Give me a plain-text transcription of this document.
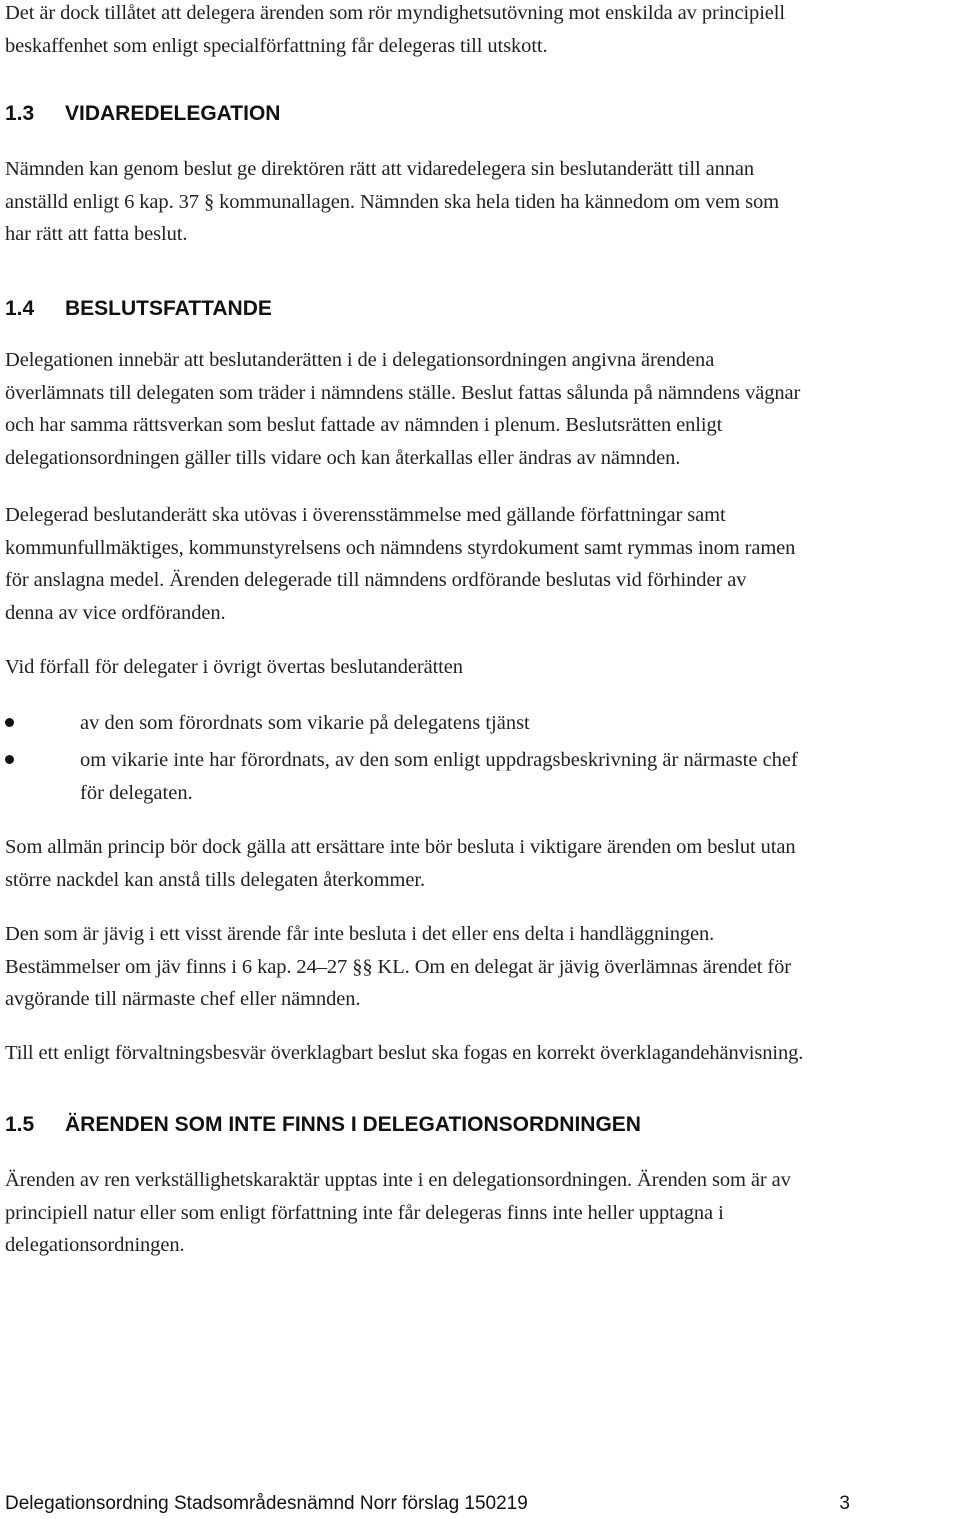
Det är dock tillåtet att delegera ärenden som rör myndighetsutövning mot enskilda av principiell
beskaffenhet som enligt specialförfattning får delegeras till utskott.
1.3 VIDAREDELEGATION
Nämnden kan genom beslut ge direktören rätt att vidaredelegera sin beslutanderätt till annan
anställd enligt 6 kap. 37 § kommunallagen. Nämnden ska hela tiden ha kännedom om vem som
har rätt att fatta beslut.
1.4 BESLUTSFATTANDE
Delegationen innebär att beslutanderätten i de i delegationsordningen angivna ärendena
överlämnats till delegaten som träder i nämndens ställe. Beslut fattas sålunda på nämndens vägnar
och har samma rättsverkan som beslut fattade av nämnden i plenum. Beslutsrätten enligt
delegationsordningen gäller tills vidare och kan återkallas eller ändras av nämnden.
Delegerad beslutanderätt ska utövas i överensstämmelse med gällande författningar samt
kommunfullmäktiges, kommunstyrelsens och nämndens styrdokument samt rymmas inom ramen
för anslagna medel. Ärenden delegerade till nämndens ordförande beslutas vid förhinder av
denna av vice ordföranden.
Vid förfall för delegater i övrigt övertas beslutanderätten
av den som förordnats som vikarie på delegatens tjänst
om vikarie inte har förordnats, av den som enligt uppdragsbeskrivning är närmaste chef
för delegaten.
Som allmän princip bör dock gälla att ersättare inte bör besluta i viktigare ärenden om beslut utan
större nackdel kan anstå tills delegaten återkommer.
Den som är jävig i ett visst ärende får inte besluta i det eller ens delta i handläggningen.
Bestämmelser om jäv finns i 6 kap. 24–27 §§ KL. Om en delegat är jävig överlämnas ärendet för
avgörande till närmaste chef eller nämnden.
Till ett enligt förvaltningsbesvär överklagbart beslut ska fogas en korrekt överklagandehänvisning.
1.5 ÄRENDEN SOM INTE FINNS I DELEGATIONSORDNINGEN
Ärenden av ren verkställighetskaraktär upptas inte i en delegationsordningen. Ärenden som är av
principiell natur eller som enligt författning inte får delegeras finns inte heller upptagna i
delegationsordningen.
Delegationsordning Stadsområdesnämnd Norr förslag 150219	3
